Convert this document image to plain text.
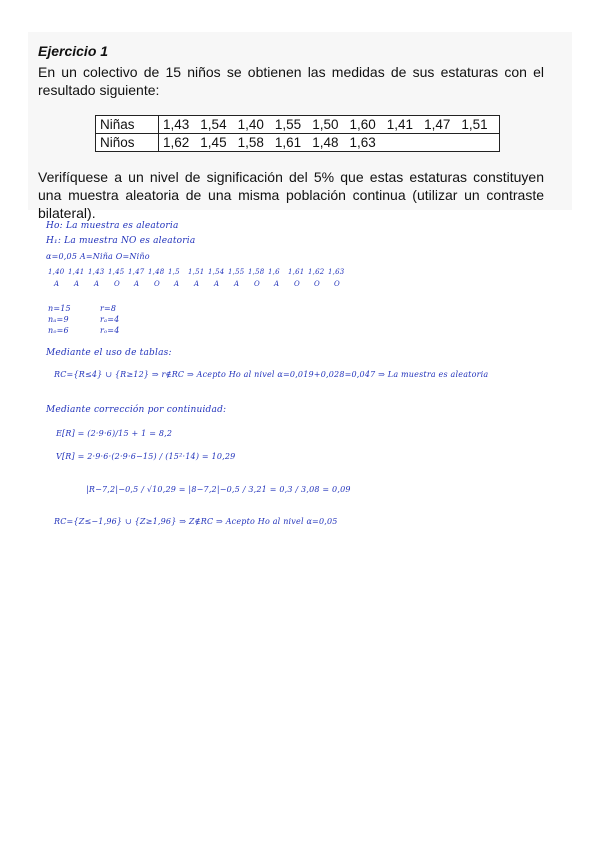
Ejercicio 1
En un colectivo de 15 niños se obtienen las medidas de sus estaturas con el resultado siguiente:
Niñas	1,43 1,54 1,40 1,55 1,50 1,60 1,41 1,47 1,51
Niños	1,62 1,45 1,58 1,61 1,48 1,63
Verifíquese a un nivel de significación del 5% que estas estaturas constituyen una muestra aleatoria de una misma población continua (utilizar un contraste bilateral).
Ho: La muestra es aleatoria
H₁: La muestra NO es aleatoria
α=0,05 A=Niña O=Niño
1,40 1,41 1,43 1,45 1,47 1,48 1,5 1,51 1,54 1,55 1,58 1,6 1,61 1,62 1,63
A A A O A O A A A A O A O O O
n=15
nₐ=9
nₒ=6
r=8
rₐ=4
rₒ=4
Mediante el uso de tablas:
RC={R≤4} ∪ {R≥12} ⇒ r∉RC ⇒ Acepto Ho al nivel α=0,019+0,028=0,047 ⇒ La muestra es aleatoria
Mediante corrección por continuidad:
E[R] = (2·9·6)/15 + 1 = 8,2
V[R] = 2·9·6·(2·9·6−15) / (15²·14) = 10,29
|R−7,2|−0,5 / √10,29 = |8−7,2|−0,5 / 3,21 = 0,3 / 3,08 = 0,09
RC={Z≤−1,96} ∪ {Z≥1,96} ⇒ Z∉RC ⇒ Acepto Ho al nivel α=0,05
